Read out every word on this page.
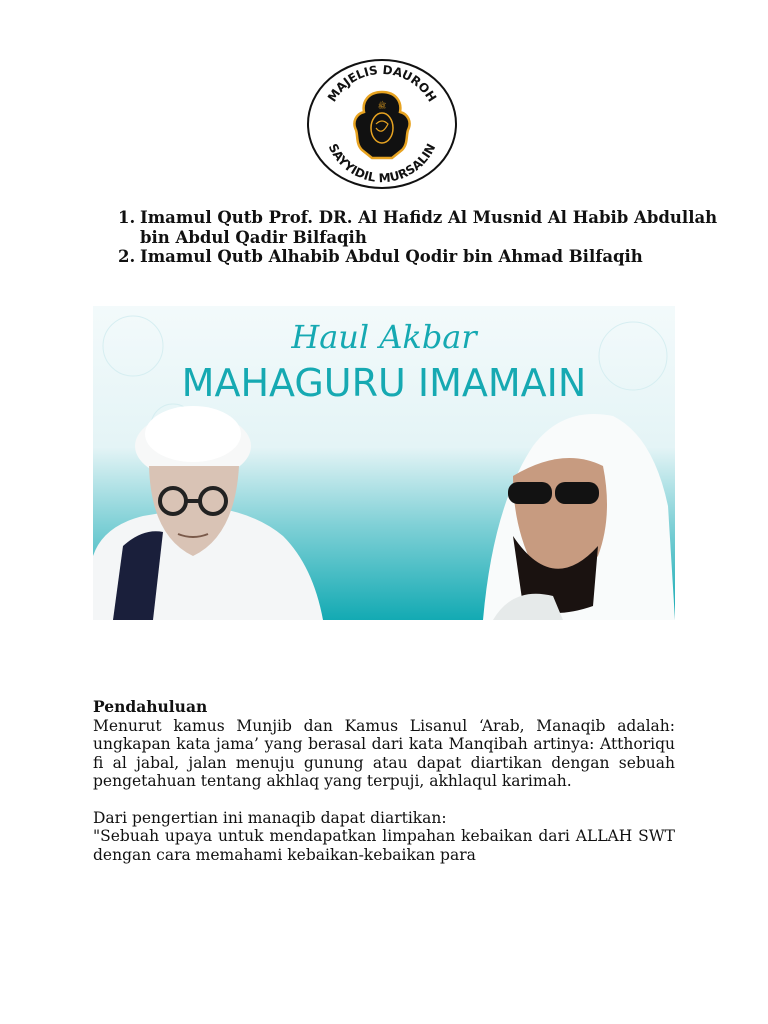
MAJELIS DAUROH
SAYYIDIL MURSALIN
ﷺ
1. Imamul Qutb Prof. DR. Al Hafidz Al Musnid Al Habib Abdullah bin Abdul Qadir Bilfaqih
2. Imamul Qutb Alhabib Abdul Qodir bin Ahmad Bilfaqih
Haul Akbar
MAHAGURU IMAMAIN

Pendahuluan

Menurut kamus Munjib dan Kamus Lisanul ‘Arab, Manaqib adalah: ungkapan kata jama’ yang berasal dari kata Manqibah artinya: Atthoriqu fi al jabal, jalan menuju gunung atau dapat diartikan dengan sebuah pengetahuan tentang akhlaq yang terpuji, akhlaqul karimah.

Dari pengertian ini manaqib dapat diartikan:

"Sebuah upaya untuk mendapatkan limpahan kebaikan dari ALLAH SWT dengan cara memahami kebaikan-kebaikan para
